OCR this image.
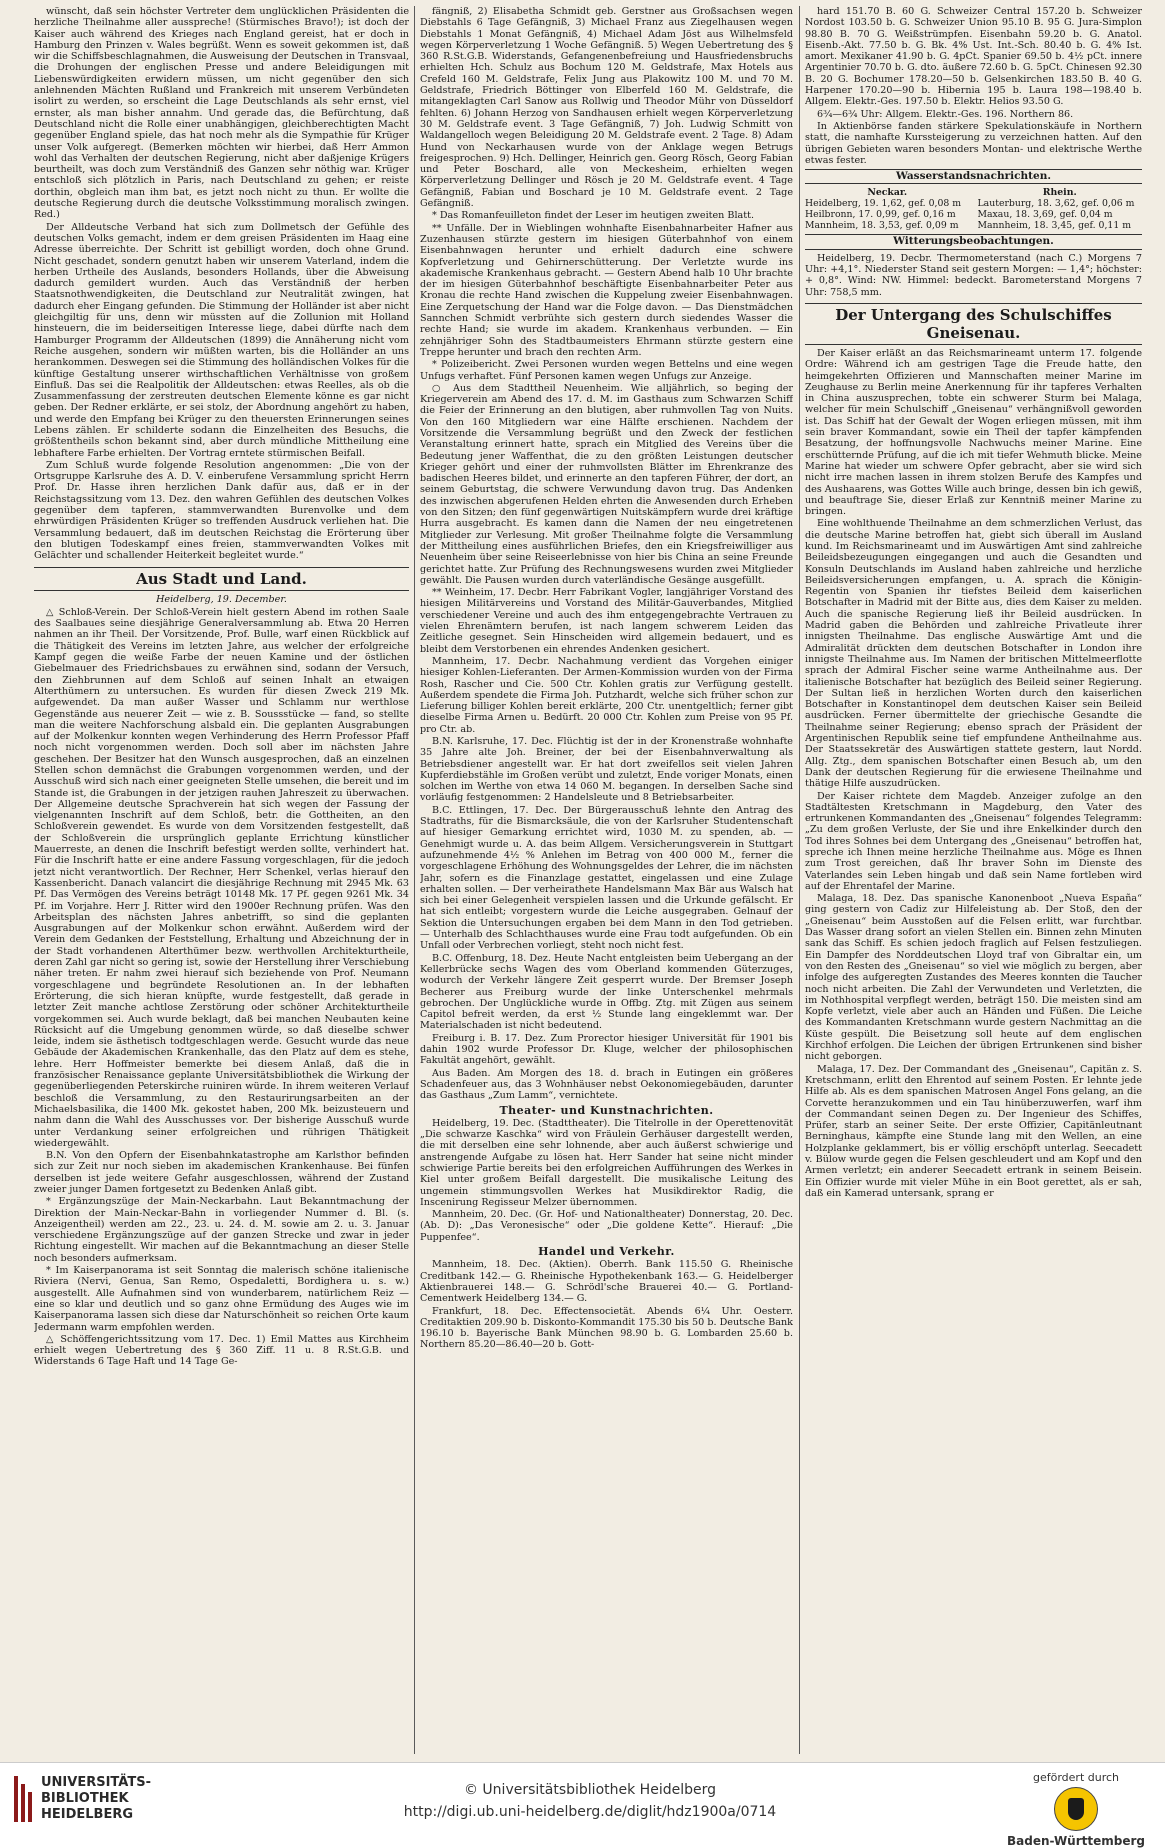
wünscht, daß sein höchster Vertreter dem unglücklichen Präsidenten die herzliche Theilnahme aller ausspreche! (Stürmisches Bravo!); ist doch der Kaiser auch während des Krieges nach England gereist, hat er doch in Hamburg den Prinzen v. Wales begrüßt. Wenn es soweit gekommen ist, daß wir die Schiffsbeschlagnahmen, die Ausweisung der Deutschen in Transvaal, die Drohungen der englischen Presse und andere Beleidigungen mit Liebenswürdigkeiten erwidern müssen, um nicht gegenüber den sich anlehnenden Mächten Rußland und Frankreich mit unserem Verbündeten isolirt zu werden, so erscheint die Lage Deutschlands als sehr ernst, viel ernster, als man bisher annahm. Und gerade das, die Befürchtung, daß Deutschland nicht die Rolle einer unabhängigen, gleichberechtigten Macht gegenüber England spiele, das hat noch mehr als die Sympathie für Krüger unser Volk aufgeregt. (Bemerken möchten wir hierbei, daß Herr Ammon wohl das Verhalten der deutschen Regierung, nicht aber daßjenige Krügers beurtheilt, was doch zum Verständniß des Ganzen sehr nöthig war. Krüger entschloß sich plötzlich in Paris, nach Deutschland zu gehen; er reiste dorthin, obgleich man ihm bat, es jetzt noch nicht zu thun. Er wollte die deutsche Regierung durch die deutsche Volksstimmung moralisch zwingen. Red.)

Der Alldeutsche Verband hat sich zum Dollmetsch der Gefühle des deutschen Volks gemacht, indem er dem greisen Präsidenten im Haag eine Adresse überreichte. Der Schritt ist gebilligt worden, doch ohne Grund. Nicht geschadet, sondern genutzt haben wir unserem Vaterland, indem die herben Urtheile des Auslands, besonders Hollands, über die Abweisung dadurch gemildert wurden. Auch das Verständniß der herben Staatsnothwendigkeiten, die Deutschland zur Neutralität zwingen, hat dadurch eher Eingang gefunden. Die Stimmung der Holländer ist aber nicht gleichgiltig für uns, denn wir müssten auf die Zollunion mit Holland hinsteuern, die im beiderseitigen Interesse liege, dabei dürfte nach dem Hamburger Programm der Alldeutschen (1899) die Annäherung nicht vom Reiche ausgehen, sondern wir müßten warten, bis die Holländer an uns herankommen. Deswegen sei die Stimmung des holländischen Volkes für die künftige Gestaltung unserer wirthschaftlichen Verhältnisse von großem Einfluß. Das sei die Realpolitik der Alldeutschen: etwas Reelles, als ob die Zusammenfassung der zerstreuten deutschen Elemente könne es gar nicht geben. Der Redner erklärte, er sei stolz, der Abordnung angehört zu haben, und werde den Empfang bei Krüger zu den theuersten Erinnerungen seines Lebens zählen. Er schilderte sodann die Einzelheiten des Besuchs, die größtentheils schon bekannt sind, aber durch mündliche Mittheilung eine lebhaftere Farbe erhielten. Der Vortrag erntete stürmischen Beifall.

Zum Schluß wurde folgende Resolution angenommen: „Die von der Ortsgruppe Karlsruhe des A. D. V. einberufene Versammlung spricht Herrn Prof. Dr. Hasse ihren herzlichen Dank dafür aus, daß er in der Reichstagssitzung vom 13. Dez. den wahren Gefühlen des deutschen Volkes gegenüber dem tapferen, stammverwandten Burenvolke und dem ehrwürdigen Präsidenten Krüger so treffenden Ausdruck verliehen hat. Die Versammlung bedauert, daß im deutschen Reichstag die Erörterung über den blutigen Todeskampf eines freien, stammverwandten Volkes mit Gelächter und schallender Heiterkeit begleitet wurde.“

Aus Stadt und Land.
Heidelberg, 19. December.

△ Schloß-Verein. Der Schloß-Verein hielt gestern Abend im rothen Saale des Saalbaues seine diesjährige Generalversammlung ab. Etwa 20 Herren nahmen an ihr Theil. Der Vorsitzende, Prof. Bulle, warf einen Rückblick auf die Thätigkeit des Vereins im letzten Jahre, aus welcher der erfolgreiche Kampf gegen die weiße Farbe der neuen Kamine und der östlichen Giebelmauer des Friedrichsbaues zu erwähnen sind, sodann der Versuch, den Ziehbrunnen auf dem Schloß auf seinen Inhalt an etwaigen Alterthümern zu untersuchen. Es wurden für diesen Zweck 219 Mk. aufgewendet. Da man außer Wasser und Schlamm nur werthlose Gegenstände aus neuerer Zeit — wie z. B. Soussstücke — fand, so stellte man die weitere Nachforschung alsbald ein. Die geplanten Ausgrabungen auf der Molkenkur konnten wegen Verhinderung des Herrn Professor Pfaff noch nicht vorgenommen werden. Doch soll aber im nächsten Jahre geschehen. Der Besitzer hat den Wunsch ausgesprochen, daß an einzelnen Stellen schon demnächst die Grabungen vorgenommen werden, und der Ausschuß wird sich nach einer geeigneten Stelle umsehen, die bereit und im Stande ist, die Grabungen in der jetzigen rauhen Jahreszeit zu überwachen. Der Allgemeine deutsche Sprachverein hat sich wegen der Fassung der vielgenannten Inschrift auf dem Schloß, betr. die Gottheiten, an den Schloßverein gewendet. Es wurde von dem Vorsitzenden festgestellt, daß der Schloßverein die ursprünglich geplante Errichtung künstlicher Mauerreste, an denen die Inschrift befestigt werden sollte, verhindert hat. Für die Inschrift hatte er eine andere Fassung vorgeschlagen, für die jedoch jetzt nicht verantwortlich. Der Rechner, Herr Schenkel, verlas hierauf den Kassenbericht. Danach valancirt die diesjährige Rechnung mit 2945 Mk. 63 Pf. Das Vermögen des Vereins beträgt 10148 Mk. 17 Pf. gegen 9261 Mk. 34 Pf. im Vorjahre. Herr J. Ritter wird den 1900er Rechnung prüfen. Was den Arbeitsplan des nächsten Jahres anbetrifft, so sind die geplanten Ausgrabungen auf der Molkenkur schon erwähnt. Außerdem wird der Verein dem Gedanken der Feststellung, Erhaltung und Abzeichnung der in der Stadt vorhandenen Alterthümer bezw. werthvollen Architekturtheile, deren Zahl gar nicht so gering ist, sowie der Herstellung ihrer Verschiebung näher treten. Er nahm zwei hierauf sich beziehende von Prof. Neumann vorgeschlagene und begründete Resolutionen an. In der lebhaften Erörterung, die sich hieran knüpfte, wurde festgestellt, daß gerade in letzter Zeit manche achtlose Zerstörung oder schöner Architekturtheile vorgekommen sei. Auch wurde beklagt, daß bei manchen Neubauten keine Rücksicht auf die Umgebung genommen würde, so daß dieselbe schwer leide, indem sie ästhetisch todtgeschlagen werde. Gesucht wurde das neue Gebäude der Akademischen Krankenhalle, das den Platz auf dem es stehe, lehre. Herr Hoffmeister bemerkte bei diesem Anlaß, daß die in französischer Renaissance geplante Universitätsbibliothek die Wirkung der gegenüberliegenden Peterskirche ruiniren würde. In ihrem weiteren Verlauf beschloß die Versammlung, zu den Restaurirungsarbeiten an der Michaelsbasilika, die 1400 Mk. gekostet haben, 200 Mk. beizusteuern und nahm dann die Wahl des Ausschusses vor. Der bisherige Ausschuß wurde unter Verdankung seiner erfolgreichen und rührigen Thätigkeit wiedergewählt.

B.N. Von den Opfern der Eisenbahnkatastrophe am Karlsthor befinden sich zur Zeit nur noch sieben im akademischen Krankenhause. Bei fünfen derselben ist jede weitere Gefahr ausgeschlossen, während der Zustand zweier junger Damen fortgesetzt zu Bedenken Anlaß gibt.

* Ergänzungszüge der Main-Neckarbahn. Laut Bekanntmachung der Direktion der Main-Neckar-Bahn in vorliegender Nummer d. Bl. (s. Anzeigentheil) werden am 22., 23. u. 24. d. M. sowie am 2. u. 3. Januar verschiedene Ergänzungszüge auf der ganzen Strecke und zwar in jeder Richtung eingestellt. Wir machen auf die Bekanntmachung an dieser Stelle noch besonders aufmerksam.

* Im Kaiserpanorama ist seit Sonntag die malerisch schöne italienische Riviera (Nervi, Genua, San Remo, Ospedaletti, Bordighera u. s. w.) ausgestellt. Alle Aufnahmen sind von wunderbarem, natürlichem Reiz — eine so klar und deutlich und so ganz ohne Ermüdung des Auges wie im Kaiserpanorama lassen sich diese dar Naturschönheit so reichen Orte kaum Jedermann warm empfohlen werden.

△ Schöffengerichtssitzung vom 17. Dec. 1) Emil Mattes aus Kirchheim erhielt wegen Uebertretung des § 360 Ziff. 11 u. 8 R.St.G.B. und Widerstands 6 Tage Haft und 14 Tage Ge-

fängniß, 2) Elisabetha Schmidt geb. Gerstner aus Großsachsen wegen Diebstahls 6 Tage Gefängniß, 3) Michael Franz aus Ziegelhausen wegen Diebstahls 1 Monat Gefängniß, 4) Michael Adam Jöst aus Wilhelmsfeld wegen Körperverletzung 1 Woche Gefängniß. 5) Wegen Uebertretung des § 360 R.St.G.B. Widerstands, Gefangenenbefreiung und Hausfriedensbruchs erhielten Hch. Schulz aus Bochum 120 M. Geldstrafe, Max Hotels aus Crefeld 160 M. Geldstrafe, Felix Jung aus Plakowitz 100 M. und 70 M. Geldstrafe, Friedrich Böttinger von Elberfeld 160 M. Geldstrafe, die mitangeklagten Carl Sanow aus Rollwig und Theodor Mühr von Düsseldorf fehlten. 6) Johann Herzog von Sandhausen erhielt wegen Körperverletzung 30 M. Geldstrafe event. 3 Tage Gefängniß, 7) Joh. Ludwig Schmitt von Waldangelloch wegen Beleidigung 20 M. Geldstrafe event. 2 Tage. 8) Adam Hund von Neckarhausen wurde von der Anklage wegen Betrugs freigesprochen. 9) Hch. Dellinger, Heinrich gen. Georg Rösch, Georg Fabian und Peter Boschard, alle von Meckesheim, erhielten wegen Körperverletzung Dellinger und Rösch je 20 M. Geldstrafe event. 4 Tage Gefängniß, Fabian und Boschard je 10 M. Geldstrafe event. 2 Tage Gefängniß.

* Das Romanfeuilleton findet der Leser im heutigen zweiten Blatt.

** Unfälle. Der in Wieblingen wohnhafte Eisenbahnarbeiter Hafner aus Zuzenhausen stürzte gestern im hiesigen Güterbahnhof von einem Eisenbahnwagen herunter und erhielt dadurch eine schwere Kopfverletzung und Gehirnerschütterung. Der Verletzte wurde ins akademische Krankenhaus gebracht. — Gestern Abend halb 10 Uhr brachte der im hiesigen Güterbahnhof beschäftigte Eisenbahnarbeiter Peter aus Kronau die rechte Hand zwischen die Kuppelung zweier Eisenbahnwagen. Eine Zerquetschung der Hand war die Folge davon. — Das Dienstmädchen Sannchen Schmidt verbrühte sich gestern durch siedendes Wasser die rechte Hand; sie wurde im akadem. Krankenhaus verbunden. — Ein zehnjähriger Sohn des Stadtbaumeisters Ehrmann stürzte gestern eine Treppe herunter und brach den rechten Arm.

* Polizeibericht. Zwei Personen wurden wegen Bettelns und eine wegen Unfugs verhaftet. Fünf Personen kamen wegen Unfugs zur Anzeige.

○ Aus dem Stadttheil Neuenheim. Wie alljährlich, so beging der Kriegerverein am Abend des 17. d. M. im Gasthaus zum Schwarzen Schiff die Feier der Erinnerung an den blutigen, aber ruhmvollen Tag von Nuits. Von den 160 Mitgliedern war eine Hälfte erschienen. Nachdem der Vorsitzende die Versammlung begrüßt und den Zweck der festlichen Veranstaltung erinnert hatte, sprach ein Mitglied des Vereins über die Bedeutung jener Waffenthat, die zu den größten Leistungen deutscher Krieger gehört und einer der ruhmvollsten Blätter im Ehrenkranze des badischen Heeres bildet, und erinnerte an den tapferen Führer, der dort, an seinem Geburtstag, die schwere Verwundung davon trug. Das Andenken des inzwischen abgerufenen Helden ehrten die Anwesenden durch Erheben von den Sitzen; den fünf gegenwärtigen Nuitskämpfern wurde drei kräftige Hurra ausgebracht. Es kamen dann die Namen der neu eingetretenen Mitglieder zur Verlesung. Mit großer Theilnahme folgte die Versammlung der Mittheilung eines ausführlichen Briefes, den ein Kriegsfreiwilliger aus Neuenheim über seine Reiseerlebnisse von hier bis China an seine Freunde gerichtet hatte. Zur Prüfung des Rechnungswesens wurden zwei Mitglieder gewählt. Die Pausen wurden durch vaterländische Gesänge ausgefüllt.

** Weinheim, 17. Decbr. Herr Fabrikant Vogler, langjähriger Vorstand des hiesigen Militärvereins und Vorstand des Militär-Gauverbandes, Mitglied verschiedener Vereine und auch des ihm entgegengebrachte Vertrauen zu vielen Ehrenämtern berufen, ist nach langem schwerem Leiden das Zeitliche gesegnet. Sein Hinscheiden wird allgemein bedauert, und es bleibt dem Verstorbenen ein ehrendes Andenken gesichert.

Mannheim, 17. Decbr. Nachahmung verdient das Vorgehen einiger hiesiger Kohlen-Lieferanten. Der Armen-Kommission wurden von der Firma Rosh, Rascher und Cie. 500 Ctr. Kohlen gratis zur Verfügung gestellt. Außerdem spendete die Firma Joh. Putzhardt, welche sich früher schon zur Lieferung billiger Kohlen bereit erklärte, 200 Ctr. unentgeltlich; ferner gibt dieselbe Firma Arnen u. Bedürft. 20 000 Ctr. Kohlen zum Preise von 95 Pf. pro Ctr. ab.

B.N. Karlsruhe, 17. Dec. Flüchtig ist der in der Kronenstraße wohnhafte 35 Jahre alte Joh. Breiner, der bei der Eisenbahnverwaltung als Betriebsdiener angestellt war. Er hat dort zweifellos seit vielen Jahren Kupferdiebstähle im Großen verübt und zuletzt, Ende voriger Monats, einen solchen im Werthe von etwa 14 060 M. begangen. In derselben Sache sind vorläufig festgenommen: 2 Handelsleute und 8 Betriebsarbeiter.

B.C. Ettlingen, 17. Dec. Der Bürgerausschuß lehnte den Antrag des Stadtraths, für die Bismarcksäule, die von der Karlsruher Studentenschaft auf hiesiger Gemarkung errichtet wird, 1030 M. zu spenden, ab. — Genehmigt wurde u. A. das beim Allgem. Versicherungsverein in Stuttgart aufzunehmende 4½ % Anlehen im Betrag von 400 000 M., ferner die vorgeschlagene Erhöhung des Wohnungsgeldes der Lehrer, die im nächsten Jahr, sofern es die Finanzlage gestattet, eingelassen und eine Zulage erhalten sollen. — Der verheirathete Handelsmann Max Bär aus Walsch hat sich bei einer Gelegenheit verspielen lassen und die Urkunde gefälscht. Er hat sich entleibt; vorgestern wurde die Leiche ausgegraben. Gelnauf der Sektion die Untersuchungen ergaben bei dem Mann in den Tod getrieben. — Unterhalb des Schlachthauses wurde eine Frau todt aufgefunden. Ob ein Unfall oder Verbrechen vorliegt, steht noch nicht fest.

B.C. Offenburg, 18. Dez. Heute Nacht entgleisten beim Uebergang an der Kellerbrücke sechs Wagen des vom Oberland kommenden Güterzuges, wodurch der Verkehr längere Zeit gesperrt wurde. Der Bremser Joseph Becherer aus Freiburg wurde der linke Unterschenkel mehrmals gebrochen. Der Unglückliche wurde in Offbg. Ztg. mit Zügen aus seinem Capitol befreit werden, da erst ½ Stunde lang eingeklemmt war. Der Materialschaden ist nicht bedeutend.

Freiburg i. B. 17. Dez. Zum Prorector hiesiger Universität für 1901 bis dahin 1902 wurde Professor Dr. Kluge, welcher der philosophischen Fakultät angehört, gewählt.

Aus Baden. Am Morgen des 18. d. brach in Eutingen ein größeres Schadenfeuer aus, das 3 Wohnhäuser nebst Oekonomiegebäuden, darunter das Gasthaus „Zum Lamm“, vernichtete.

Theater- und Kunstnachrichten.

Heidelberg, 19. Dec. (Stadttheater). Die Titelrolle in der Operettenovität „Die schwarze Kaschka“ wird von Fräulein Gerhäuser dargestellt werden, die mit derselben eine sehr lohnende, aber auch äußerst schwierige und anstrengende Aufgabe zu lösen hat. Herr Sander hat seine nicht minder schwierige Partie bereits bei den erfolgreichen Aufführungen des Werkes in Kiel unter großem Beifall dargestellt. Die musikalische Leitung des ungemein stimmungsvollen Werkes hat Musikdirektor Radig, die Inscenirung Regisseur Melzer übernommen.

Mannheim, 20. Dec. (Gr. Hof- und Nationaltheater) Donnerstag, 20. Dec. (Ab. D): „Das Veronesische“ oder „Die goldene Kette“. Hierauf: „Die Puppenfee“.

Handel und Verkehr.

Mannheim, 18. Dec. (Aktien). Oberrh. Bank 115.50 G. Rheinische Creditbank 142.— G. Rheinische Hypothekenbank 163.— G. Heidelberger Aktienbrauerei 148.— G. Schrödl'sche Brauerei 40.— G. Portland-Cementwerk Heidelberg 134.— G.

Frankfurt, 18. Dec. Effectensocietät. Abends 6¼ Uhr. Oesterr. Creditaktien 209.90 b. Diskonto-Kommandit 175.30 bis 50 b. Deutsche Bank 196.10 b. Bayerische Bank München 98.90 b. G. Lombarden 25.60 b. Northern 85.20—86.40—20 b. Gott-

hard 151.70 B. 60 G. Schweizer Central 157.20 b. Schweizer Nordost 103.50 b. G. Schweizer Union 95.10 B. 95 G. Jura-Simplon 98.80 B. 70 G. Weißstrümpfen. Eisenbahn 59.20 b. G. Anatol. Eisenb.-Akt. 77.50 b. G. Bk. 4% Ust. Int.-Sch. 80.40 b. G. 4% Ist. amort. Mexikaner 41.90 b. G. 4pCt. Spanier 69.50 b. 4½ pCt. innere Argentinier 70.70 b. G. dto. äußere 72.60 b. G. 5pCt. Chinesen 92.30 B. 20 G. Bochumer 178.20—50 b. Gelsenkirchen 183.50 B. 40 G. Harpener 170.20—90 b. Hibernia 195 b. Laura 198—198.40 b. Allgem. Elektr.-Ges. 197.50 b. Elektr. Helios 93.50 G.

6¾—6¾ Uhr: Allgem. Elektr.-Ges. 196. Northern 86.

In Aktienbörse fanden stärkere Spekulationskäufe in Northern statt, die namhafte Kurssteigerung zu verzeichnen hatten. Auf den übrigen Gebieten waren besonders Montan- und elektrische Werthe etwas fester.

Wasserstandsnachrichten.
Neckar.	Rhein.
Heidelberg, 19. 1,62, gef. 0,08 m
Heilbronn, 17. 0,99, gef. 0,16 m
Mannheim, 18. 3,53, gef. 0,09 m
Lauterburg, 18. 3,62, gef. 0,06 m
Maxau, 18. 3,69, gef. 0,04 m
Mannheim, 18. 3,45, gef. 0,11 m
Witterungsbeobachtungen.

Heidelberg, 19. Decbr. Thermometerstand (nach C.) Morgens 7 Uhr: +4,1°. Niederster Stand seit gestern Morgen: — 1,4°; höchster: + 0,8°. Wind: NW. Himmel: bedeckt. Barometerstand Morgens 7 Uhr: 758,5 mm.

Der Untergang des Schulschiffes Gneisenau.

Der Kaiser erläßt an das Reichsmarineamt unterm 17. folgende Ordre: Während ich am gestrigen Tage die Freude hatte, den heimgekehrten Offizieren und Mannschaften meiner Marine im Zeughause zu Berlin meine Anerkennung für ihr tapferes Verhalten in China auszusprechen, tobte ein schwerer Sturm bei Malaga, welcher für mein Schulschiff „Gneisenau“ verhängnißvoll geworden ist. Das Schiff hat der Gewalt der Wogen erliegen müssen, mit ihm sein braver Kommandant, sowie ein Theil der tapfer kämpfenden Besatzung, der hoffnungsvolle Nachwuchs meiner Marine. Eine erschütternde Prüfung, auf die ich mit tiefer Wehmuth blicke. Meine Marine hat wieder um schwere Opfer gebracht, aber sie wird sich nicht irre machen lassen in ihrem stolzen Berufe des Kampfes und des Aushaarens, was Gottes Wille auch bringe, dessen bin ich gewiß, und beauftrage Sie, dieser Erlaß zur Kenntniß meiner Marine zu bringen.

Eine wohlthuende Theilnahme an dem schmerzlichen Verlust, das die deutsche Marine betroffen hat, giebt sich überall im Ausland kund. Im Reichsmarineamt und im Auswärtigen Amt sind zahlreiche Beileidsbezeugungen eingegangen und auch die Gesandten und Konsuln Deutschlands im Ausland haben zahlreiche und herzliche Beileidsversicherungen empfangen, u. A. sprach die Königin-Regentin von Spanien ihr tiefstes Beileid dem kaiserlichen Botschafter in Madrid mit der Bitte aus, dies dem Kaiser zu melden. Auch die spanische Regierung ließ ihr Beileid ausdrücken. In Madrid gaben die Behörden und zahlreiche Privatleute ihrer innigsten Theilnahme. Das englische Auswärtige Amt und die Admiralität drückten dem deutschen Botschafter in London ihre innigste Theilnahme aus. Im Namen der britischen Mittelmeerflotte sprach der Admiral Fischer seine warme Antheilnahme aus. Der italienische Botschafter hat bezüglich des Beileid seiner Regierung. Der Sultan ließ in herzlichen Worten durch den kaiserlichen Botschafter in Konstantinopel dem deutschen Kaiser sein Beileid ausdrücken. Ferner übermittelte der griechische Gesandte die Theilnahme seiner Regierung; ebenso sprach der Präsident der Argentinischen Republik seine tief empfundene Antheilnahme aus. Der Staatssekretär des Auswärtigen stattete gestern, laut Nordd. Allg. Ztg., dem spanischen Botschafter einen Besuch ab, um den Dank der deutschen Regierung für die erwiesene Theilnahme und thätige Hilfe auszudrücken.

Der Kaiser richtete dem Magdeb. Anzeiger zufolge an den Stadtältesten Kretschmann in Magdeburg, den Vater des ertrunkenen Kommandanten des „Gneisenau“ folgendes Telegramm: „Zu dem großen Verluste, der Sie und ihre Enkelkinder durch den Tod ihres Sohnes bei dem Untergang des „Gneisenau“ betroffen hat, spreche ich Ihnen meine herzliche Theilnahme aus. Möge es Ihnen zum Trost gereichen, daß Ihr braver Sohn im Dienste des Vaterlandes sein Leben hingab und daß sein Name fortleben wird auf der Ehrentafel der Marine.

Malaga, 18. Dez. Das spanische Kanonenboot „Nueva España“ ging gestern von Cadiz zur Hilfeleistung ab. Der Stoß, den der „Gneisenau“ beim Ausstoßen auf die Felsen erlitt, war furchtbar. Das Wasser drang sofort an vielen Stellen ein. Binnen zehn Minuten sank das Schiff. Es schien jedoch fraglich auf Felsen festzuliegen. Ein Dampfer des Norddeutschen Lloyd traf von Gibraltar ein, um von den Resten des „Gneisenau“ so viel wie möglich zu bergen, aber infolge des aufgeregten Zustandes des Meeres konnten die Taucher noch nicht arbeiten. Die Zahl der Verwundeten und Verletzten, die im Nothhospital verpflegt werden, beträgt 150. Die meisten sind am Kopfe verletzt, viele aber auch an Händen und Füßen. Die Leiche des Kommandanten Kretschmann wurde gestern Nachmittag an die Küste gespült. Die Beisetzung soll heute auf dem englischen Kirchhof erfolgen. Die Leichen der übrigen Ertrunkenen sind bisher nicht geborgen.

Malaga, 17. Dez. Der Commandant des „Gneisenau“, Capitän z. S. Kretschmann, erlitt den Ehrentod auf seinem Posten. Er lehnte jede Hilfe ab. Als es dem spanischen Matrosen Angel Fons gelang, an die Corvette heranzukommen und ein Tau hinüberzuwerfen, warf ihm der Commandant seinen Degen zu. Der Ingenieur des Schiffes, Prüfer, starb an seiner Seite. Der erste Offizier, Capitänleutnant Berninghaus, kämpfte eine Stunde lang mit den Wellen, an eine Holzplanke geklammert, bis er völlig erschöpft unterlag. Seecadett v. Bülow wurde gegen die Felsen geschleudert und am Kopf und den Armen verletzt; ein anderer Seecadett ertrank in seinem Beisein. Ein Offizier wurde mit vieler Mühe in ein Boot gerettet, als er sah, daß ein Kamerad untersank, sprang er

UNIVERSITÄTS-
BIBLIOTHEK
HEIDELBERG
© Universitätsbibliothek Heidelberg
http://digi.ub.uni-heidelberg.de/diglit/hdz1900a/0714
gefördert durch
Baden-Württemberg
